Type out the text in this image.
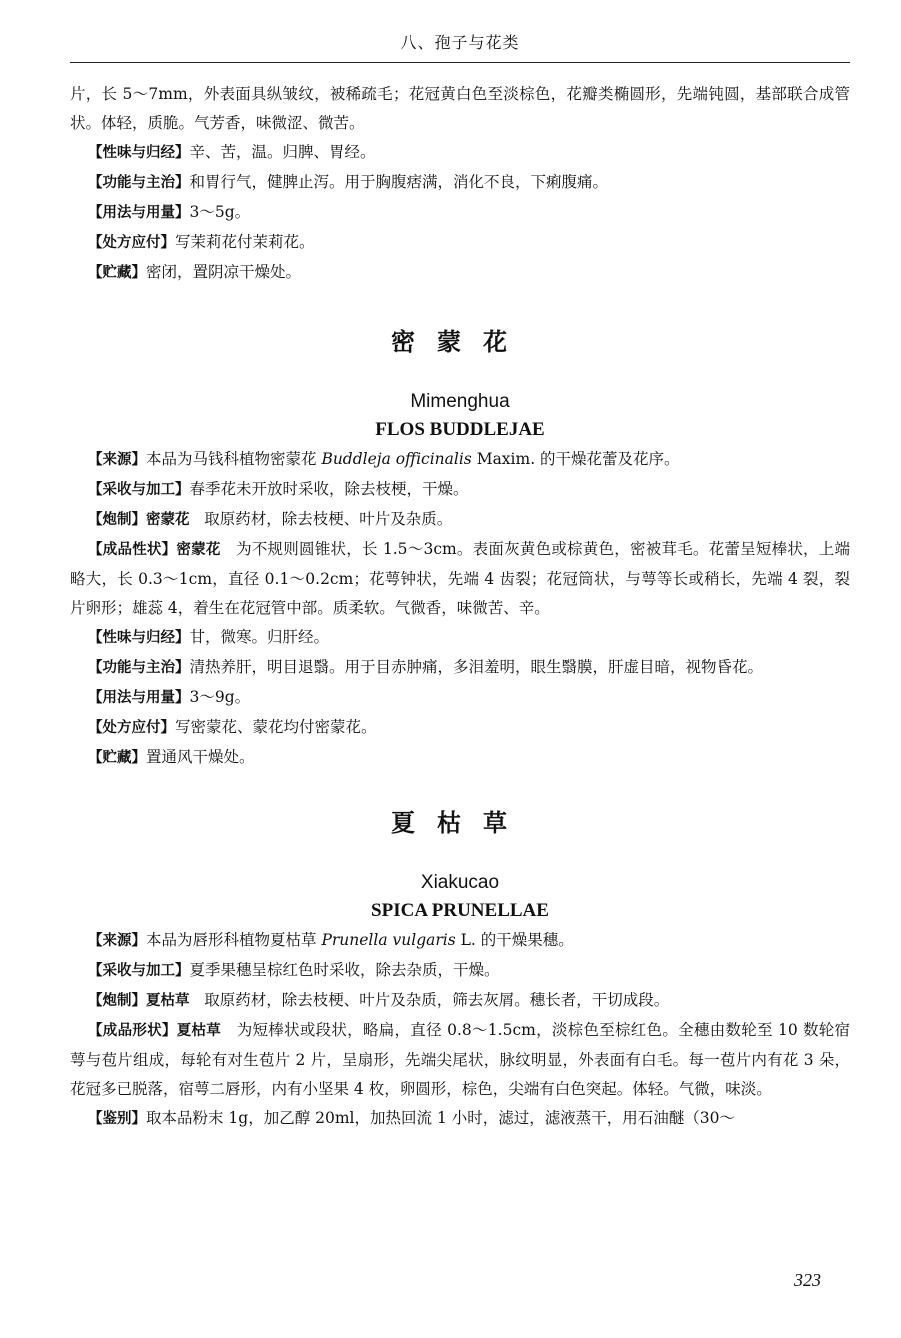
八、孢子与花类

片，长 5～7mm，外表面具纵皱纹，被稀疏毛；花冠黄白色至淡棕色，花瓣类椭圆形，先端钝圆，基部联合成管状。体轻，质脆。气芳香，味微涩、微苦。

【性味与归经】辛、苦，温。归脾、胃经。

【功能与主治】和胃行气，健脾止泻。用于胸腹痞满，消化不良，下痢腹痛。

【用法与用量】3～5g。

【处方应付】写茉莉花付茉莉花。

【贮藏】密闭，置阴凉干燥处。

密蒙花

Mimenghua

FLOS BUDDLEJAE

【来源】本品为马钱科植物密蒙花 Buddleja officinalis Maxim. 的干燥花蕾及花序。

【采收与加工】春季花未开放时采收，除去枝梗，干燥。

【炮制】密蒙花 取原药材，除去枝梗、叶片及杂质。

【成品性状】密蒙花 为不规则圆锥状，长 1.5～3cm。表面灰黄色或棕黄色，密被茸毛。花蕾呈短棒状，上端略大，长 0.3～1cm，直径 0.1～0.2cm；花萼钟状，先端 4 齿裂；花冠筒状，与萼等长或稍长，先端 4 裂，裂片卵形；雄蕊 4，着生在花冠管中部。质柔软。气微香，味微苦、辛。

【性味与归经】甘，微寒。归肝经。

【功能与主治】清热养肝，明目退翳。用于目赤肿痛，多泪羞明，眼生翳膜，肝虚目暗，视物昏花。

【用法与用量】3～9g。

【处方应付】写密蒙花、蒙花均付密蒙花。

【贮藏】置通风干燥处。

夏枯草

Xiakucao

SPICA PRUNELLAE

【来源】本品为唇形科植物夏枯草 Prunella vulgaris L. 的干燥果穗。

【采收与加工】夏季果穗呈棕红色时采收，除去杂质，干燥。

【炮制】夏枯草 取原药材，除去枝梗、叶片及杂质，筛去灰屑。穗长者，干切成段。

【成品形状】夏枯草 为短棒状或段状，略扁，直径 0.8～1.5cm，淡棕色至棕红色。全穗由数轮至 10 数轮宿萼与苞片组成，每轮有对生苞片 2 片，呈扇形，先端尖尾状，脉纹明显，外表面有白毛。每一苞片内有花 3 朵，花冠多已脱落，宿萼二唇形，内有小坚果 4 枚，卵圆形，棕色，尖端有白色突起。体轻。气微，味淡。

【鉴别】取本品粉末 1g，加乙醇 20ml，加热回流 1 小时，滤过，滤液蒸干，用石油醚（30～

323
